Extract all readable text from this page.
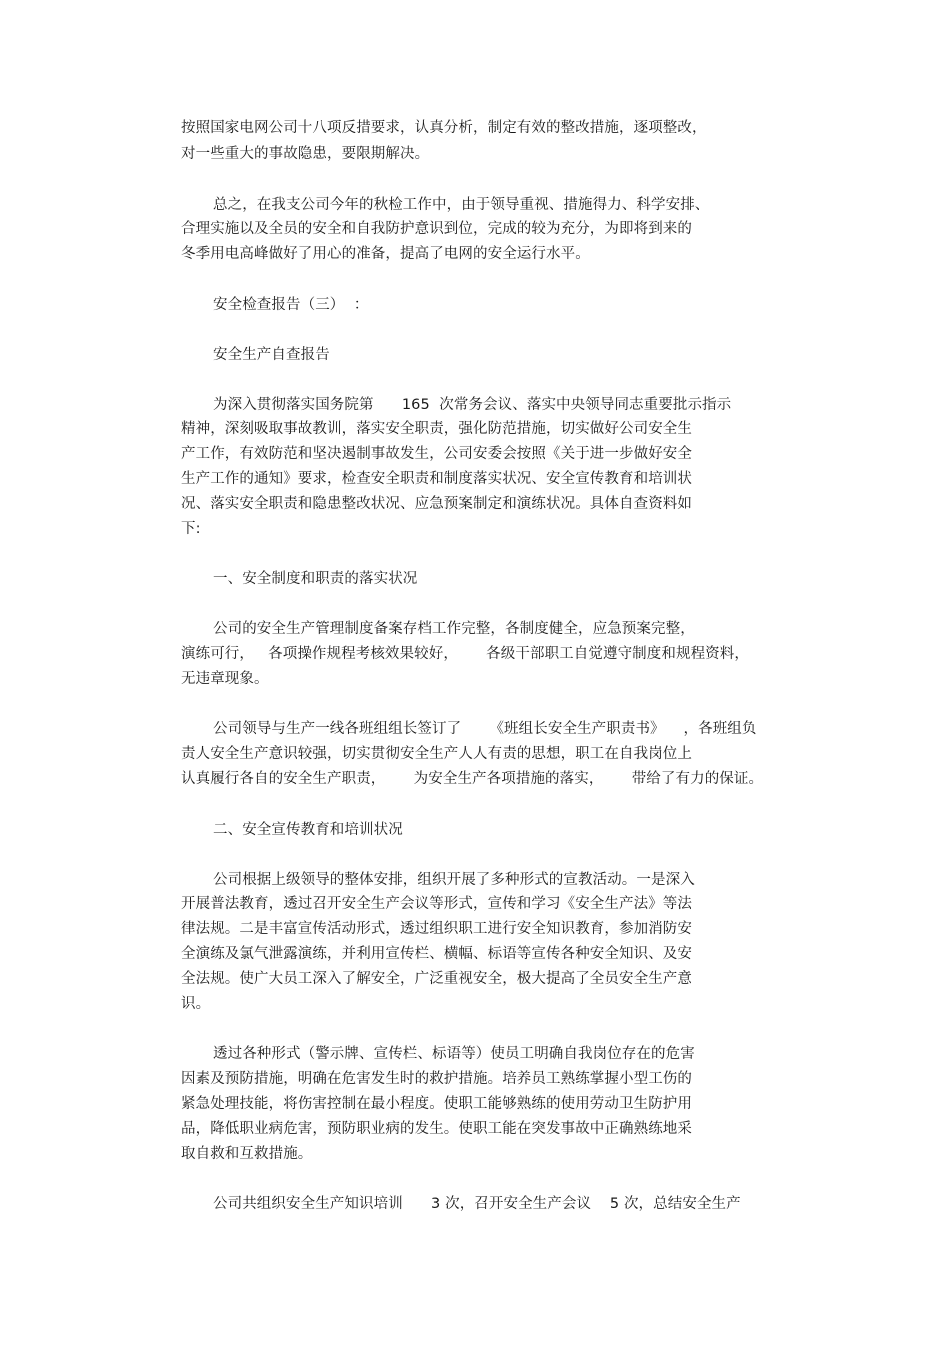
按照国家电网公司十八项反措要求，认真分析，制定有效的整改措施，逐项整改，
对一些重大的事故隐患，要限期解决。
总之，在我支公司今年的秋检工作中，由于领导重视、措施得力、科学安排、
合理实施以及全员的安全和自我防护意识到位，完成的较为充分，为即将到来的
冬季用电高峰做好了用心的准备，提高了电网的安全运行水平。
安全检查报告（三）  ：
安全生产自查报告
为深入贯彻落实国务院第      165  次常务会议、落实中央领导同志重要批示指示
精神，深刻吸取事故教训，落实安全职责，强化防范措施，切实做好公司安全生
产工作，有效防范和坚决遏制事故发生，公司安委会按照《关于进一步做好安全
生产工作的通知》要求，检查安全职责和制度落实状况、安全宣传教育和培训状
况、落实安全职责和隐患整改状况、应急预案制定和演练状况。具体自查资料如
下:
一、安全制度和职责的落实状况
公司的安全生产管理制度备案存档工作完整，各制度健全，应急预案完整，
演练可行，   各项操作规程考核效果较好，      各级干部职工自觉遵守制度和规程资料，
无违章现象。
公司领导与生产一线各班组组长签订了      《班组长安全生产职责书》    ，各班组负
责人安全生产意识较强，切实贯彻安全生产人人有责的思想，职工在自我岗位上
认真履行各自的安全生产职责，      为安全生产各项措施的落实，      带给了有力的保证。
二、安全宣传教育和培训状况
公司根据上级领导的整体安排，组织开展了多种形式的宣教活动。一是深入
开展普法教育，透过召开安全生产会议等形式，宣传和学习《安全生产法》等法
律法规。二是丰富宣传活动形式，透过组织职工进行安全知识教育，参加消防安
全演练及氯气泄露演练，并利用宣传栏、横幅、标语等宣传各种安全知识、及安
全法规。使广大员工深入了解安全，广泛重视安全，极大提高了全员安全生产意
识。
透过各种形式（警示牌、宣传栏、标语等）使员工明确自我岗位存在的危害
因素及预防措施，明确在危害发生时的救护措施。培养员工熟练掌握小型工伤的
紧急处理技能，将伤害控制在最小程度。使职工能够熟练的使用劳动卫生防护用
品，降低职业病危害，预防职业病的发生。使职工能在突发事故中正确熟练地采
取自救和互救措施。
公司共组织安全生产知识培训      3 次，召开安全生产会议    5 次，总结安全生产
